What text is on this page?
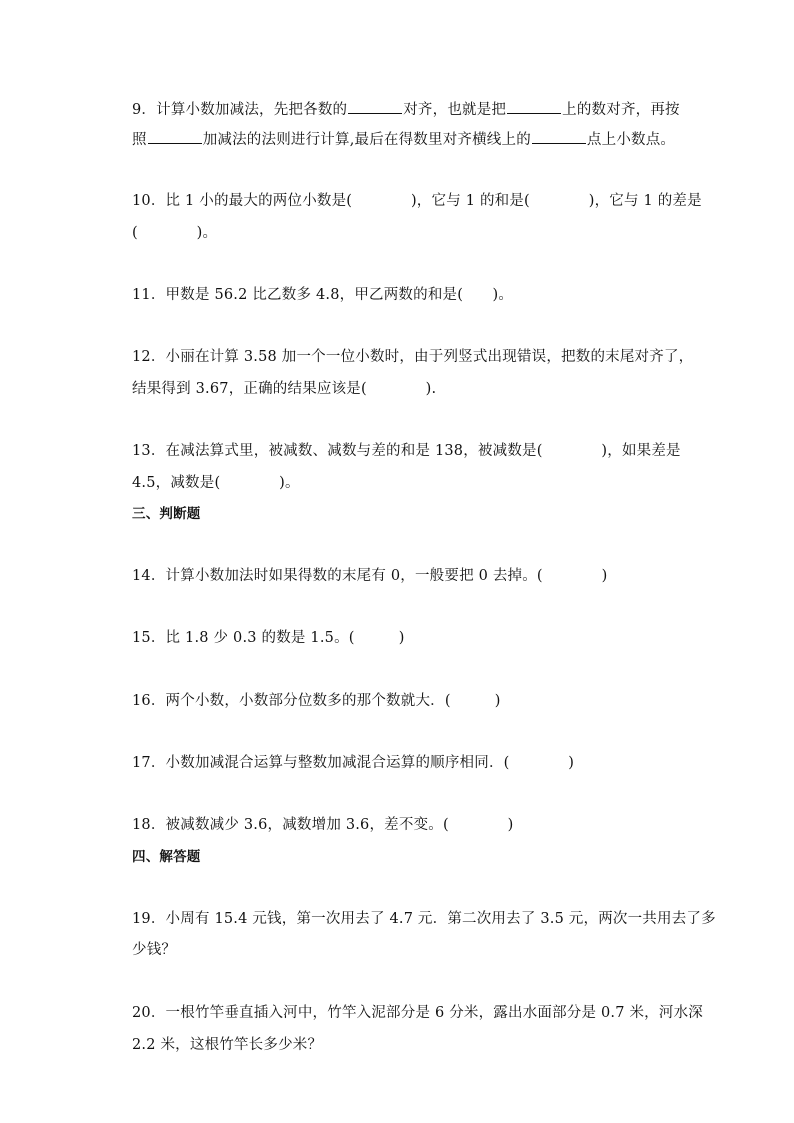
9．计算小数加减法，先把各数的	对齐，也就是把	上的数对齐，再按
照	加减法的法则进行计算,最后在得数里对齐横线上的	点上小数点。
10．比 1 小的最大的两位小数是(　　　　)，它与 1 的和是(　　　　)，它与 1 的差是
(　　　　)。
11．甲数是 56.2 比乙数多 4.8，甲乙两数的和是(　　)。
12．小丽在计算 3.58 加一个一位小数时，由于列竖式出现错误，把数的末尾对齐了，
结果得到 3.67，正确的结果应该是(　　　　).
13．在减法算式里，被减数、减数与差的和是 138，被减数是(　　　　)，如果差是
4.5，减数是(　　　　)。
三、判断题
14．计算小数加法时如果得数的末尾有 0，一般要把 0 去掉。(　　　　)
15．比 1.8 少 0.3 的数是 1.5。(　　　)
16．两个小数，小数部分位数多的那个数就大．(　　　)
17．小数加减混合运算与整数加减混合运算的顺序相同．(　　　　)
18．被减数减少 3.6，减数增加 3.6，差不变。(　　　　)
四、解答题
19．小周有 15.4 元钱，第一次用去了 4.7 元．第二次用去了 3.5 元，两次一共用去了多
少钱？
20．一根竹竿垂直插入河中，竹竿入泥部分是 6 分米，露出水面部分是 0.7 米，河水深
2.2 米，这根竹竿长多少米？
